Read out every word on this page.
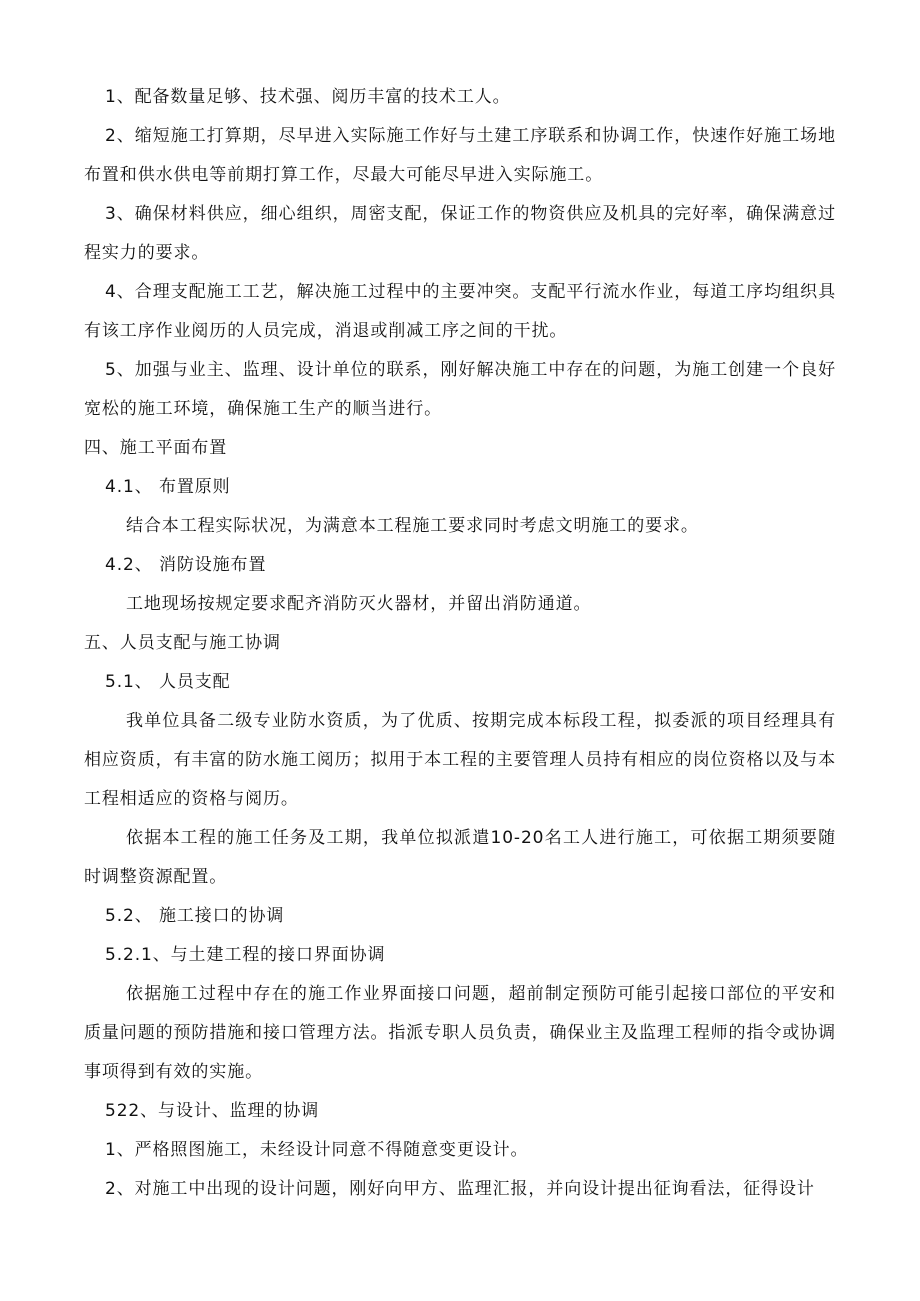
1、配备数量足够、技术强、阅历丰富的技术工人。

2、缩短施工打算期，尽早进入实际施工作好与土建工序联系和协调工作，快速作好施工场地布置和供水供电等前期打算工作，尽最大可能尽早进入实际施工。

3、确保材料供应，细心组织，周密支配，保证工作的物资供应及机具的完好率，确保满意过程实力的要求。

4、合理支配施工工艺，解决施工过程中的主要冲突。支配平行流水作业，每道工序均组织具有该工序作业阅历的人员完成，消退或削减工序之间的干扰。

5、加强与业主、监理、设计单位的联系，刚好解决施工中存在的问题，为施工创建一个良好宽松的施工环境，确保施工生产的顺当进行。

四、施工平面布置

4.1、 布置原则

结合本工程实际状况，为满意本工程施工要求同时考虑文明施工的要求。

4.2、 消防设施布置

工地现场按规定要求配齐消防灭火器材，并留出消防通道。

五、人员支配与施工协调

5.1、 人员支配

我单位具备二级专业防水资质，为了优质、按期完成本标段工程，拟委派的项目经理具有相应资质，有丰富的防水施工阅历；拟用于本工程的主要管理人员持有相应的岗位资格以及与本工程相适应的资格与阅历。

依据本工程的施工任务及工期，我单位拟派遣10-20名工人进行施工，可依据工期须要随时调整资源配置。

5.2、 施工接口的协调

5.2.1、与土建工程的接口界面协调

依据施工过程中存在的施工作业界面接口问题，超前制定预防可能引起接口部位的平安和质量问题的预防措施和接口管理方法。指派专职人员负责，确保业主及监理工程师的指令或协调事项得到有效的实施。

522、与设计、监理的协调

1、严格照图施工，未经设计同意不得随意变更设计。

2、对施工中出现的设计问题，刚好向甲方、监理汇报，并向设计提出征询看法，征得设计
